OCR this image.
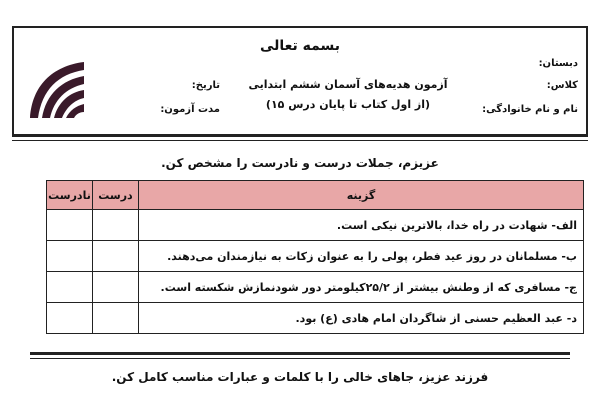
بسمه تعالی
دبستان:
کلاس:
نام و نام خانوادگی:
آزمون هدیه‌های آسمان ششم ابتدایی
(از اول کتاب تا پایان درس ۱۵)
تاریخ:
مدت آزمون:
عزیزم، جملات درست و نادرست را مشخص کن.
گزینه	درست	نادرست
الف- شهادت در راه خدا، بالاترین نیکی است.		
ب- مسلمانان در روز عید فطر، پولی را به عنوان زکات به نیازمندان می‌دهند.		
ج- مسافری که از وطنش بیشتر از ۲۵/۲کیلومتر دور شودنمازش شکسته است.		
د- عبد العظیم حسنی از شاگردان امام هادی (ع) بود.		
فرزند عزیز، جاهای خالی را با کلمات و عبارات مناسب کامل کن.
